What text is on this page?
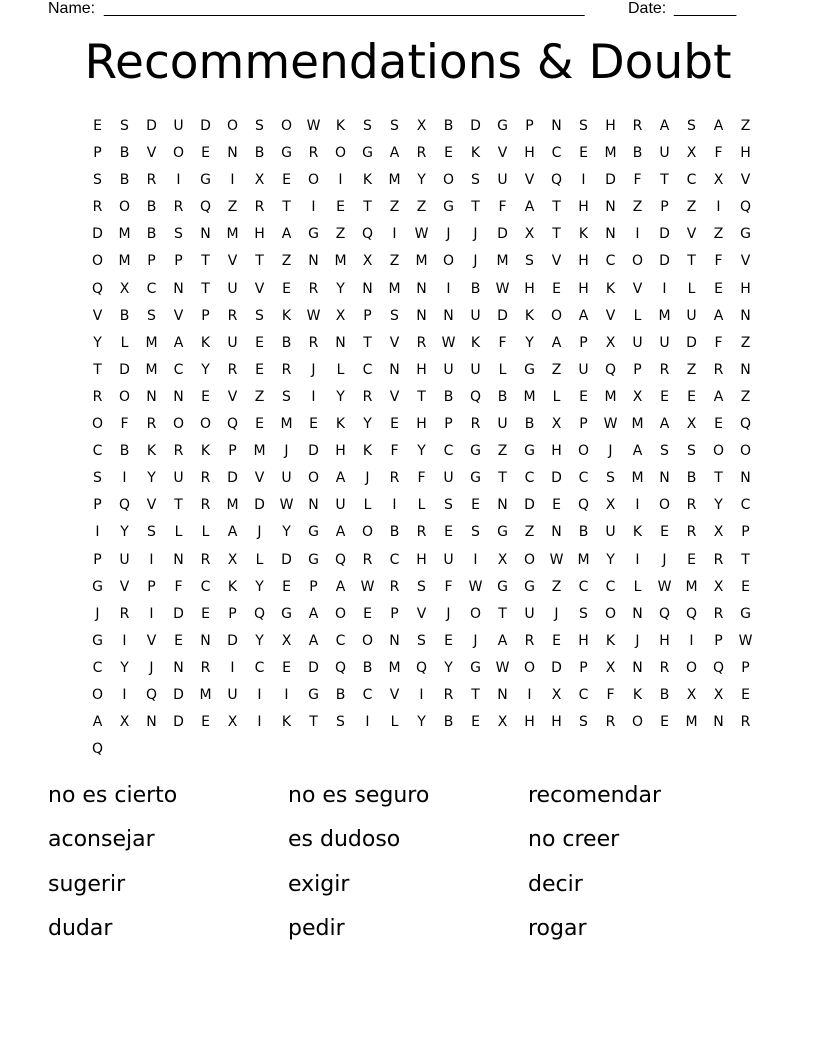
Name: ______________________________________________________	Date: _______
Recommendations & Doubt
E	S	D	U	D	O	S	O	W	K	S	S	X	B	D	G	P	N	S	H	R	A	S	A	Z
P	B	V	O	E	N	B	G	R	O	G	A	R	E	K	V	H	C	E	M	B	U	X	F	H
S	B	R	I	G	I	X	E	O	I	K	M	Y	O	S	U	V	Q	I	D	F	T	C	X	V
R	O	B	R	Q	Z	R	T	I	E	T	Z	Z	G	T	F	A	T	H	N	Z	P	Z	I	Q
D	M	B	S	N	M	H	A	G	Z	Q	I	W	J	J	D	X	T	K	N	I	D	V	Z	G
O	M	P	P	T	V	T	Z	N	M	X	Z	M	O	J	M	S	V	H	C	O	D	T	F	V
Q	X	C	N	T	U	V	E	R	Y	N	M	N	I	B	W	H	E	H	K	V	I	L	E	H
V	B	S	V	P	R	S	K	W	X	P	S	N	N	U	D	K	O	A	V	L	M	U	A	N
Y	L	M	A	K	U	E	B	R	N	T	V	R	W	K	F	Y	A	P	X	U	U	D	F	Z
T	D	M	C	Y	R	E	R	J	L	C	N	H	U	U	L	G	Z	U	Q	P	R	Z	R	N
R	O	N	N	E	V	Z	S	I	Y	R	V	T	B	Q	B	M	L	E	M	X	E	E	A	Z
O	F	R	O	O	Q	E	M	E	K	Y	E	H	P	R	U	B	X	P	W	M	A	X	E	Q
C	B	K	R	K	P	M	J	D	H	K	F	Y	C	G	Z	G	H	O	J	A	S	S	O	O
S	I	Y	U	R	D	V	U	O	A	J	R	F	U	G	T	C	D	C	S	M	N	B	T	N
P	Q	V	T	R	M	D	W	N	U	L	I	L	S	E	N	D	E	Q	X	I	O	R	Y	C
I	Y	S	L	L	A	J	Y	G	A	O	B	R	E	S	G	Z	N	B	U	K	E	R	X	P
P	U	I	N	R	X	L	D	G	Q	R	C	H	U	I	X	O	W	M	Y	I	J	E	R	T
G	V	P	F	C	K	Y	E	P	A	W	R	S	F	W	G	G	Z	C	C	L	W	M	X	E
J	R	I	D	E	P	Q	G	A	O	E	P	V	J	O	T	U	J	S	O	N	Q	Q	R	G
G	I	V	E	N	D	Y	X	A	C	O	N	S	E	J	A	R	E	H	K	J	H	I	P	W
C	Y	J	N	R	I	C	E	D	Q	B	M	Q	Y	G	W	O	D	P	X	N	R	O	Q	P
O	I	Q	D	M	U	I	I	G	B	C	V	I	R	T	N	I	X	C	F	K	B	X	X	E
A	X	N	D	E	X	I	K	T	S	I	L	Y	B	E	X	H	H	S	R	O	E	M	N	R
Q
no es cierto	no es seguro	recomendar
aconsejar	es dudoso	no creer
sugerir	exigir	decir
dudar	pedir	rogar
